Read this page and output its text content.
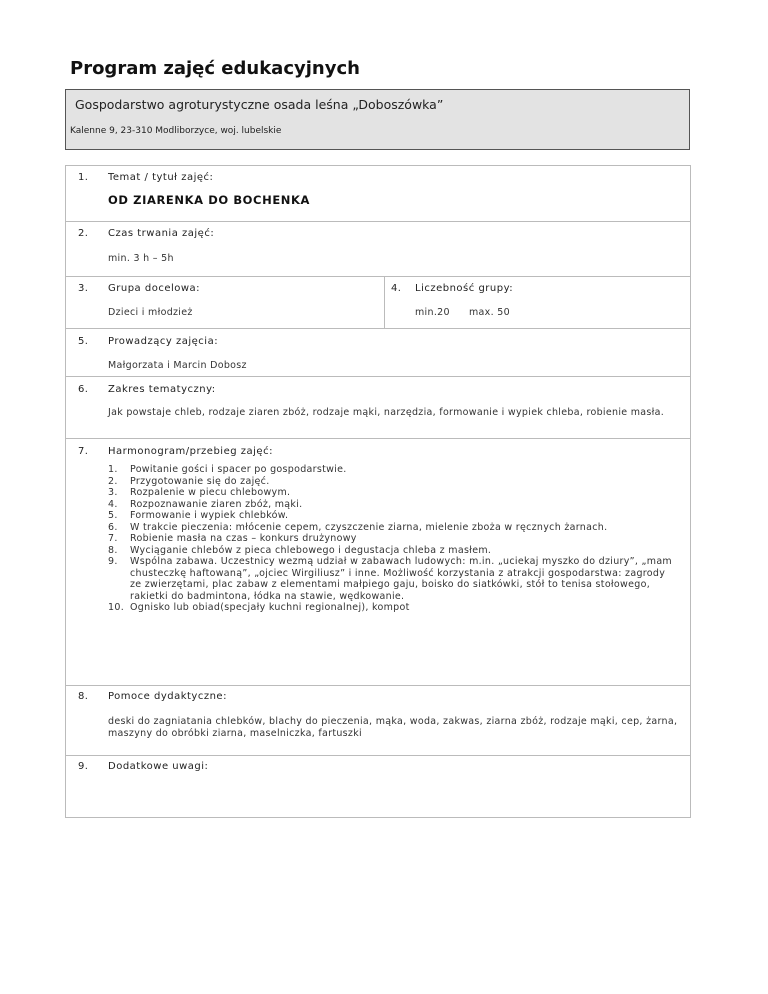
Program zajęć edukacyjnych
Gospodarstwo agroturystyczne osada leśna „Doboszówka”
Kalenne 9, 23-310 Modliborzyce, woj. lubelskie
1. Temat / tytuł zajęć:
OD ZIARENKA DO BOCHENKA
2. Czas trwania zajęć:
min. 3 h – 5h
3. Grupa docelowa:
Dzieci i młodzież
4. Liczebność grupy:
min.20 max. 50
5. Prowadzący zajęcia:
Małgorzata i Marcin Dobosz
6. Zakres tematyczny:
Jak powstaje chleb, rodzaje ziaren zbóż, rodzaje mąki, narzędzia, formowanie i wypiek chleba, robienie masła.
7. Harmonogram/przebieg zajęć:
1. Powitanie gości i spacer po gospodarstwie.
2. Przygotowanie się do zajęć.
3. Rozpalenie w piecu chlebowym.
4. Rozpoznawanie ziaren zbóż, mąki.
5. Formowanie i wypiek chlebków.
6. W trakcie pieczenia: młócenie cepem, czyszczenie ziarna, mielenie zboża w ręcznych żarnach.
7. Robienie masła na czas – konkurs drużynowy
8. Wyciąganie chlebów z pieca chlebowego i degustacja chleba z masłem.
9. Wspólna zabawa. Uczestnicy wezmą udział w zabawach ludowych: m.in. „uciekaj myszko do dziury”, „mam chusteczkę haftowaną”, „ojciec Wirgiliusz” i inne. Możliwość korzystania z atrakcji gospodarstwa: zagrody ze zwierzętami, plac zabaw z elementami małpiego gaju, boisko do siatkówki, stół to tenisa stołowego, rakietki do badmintona, łódka na stawie, wędkowanie.
10. Ognisko lub obiad(specjały kuchni regionalnej), kompot
8. Pomoce dydaktyczne:
deski do zagniatania chlebków, blachy do pieczenia, mąka, woda, zakwas, ziarna zbóż, rodzaje mąki, cep, żarna, maszyny do obróbki ziarna, maselniczka, fartuszki
9. Dodatkowe uwagi:
